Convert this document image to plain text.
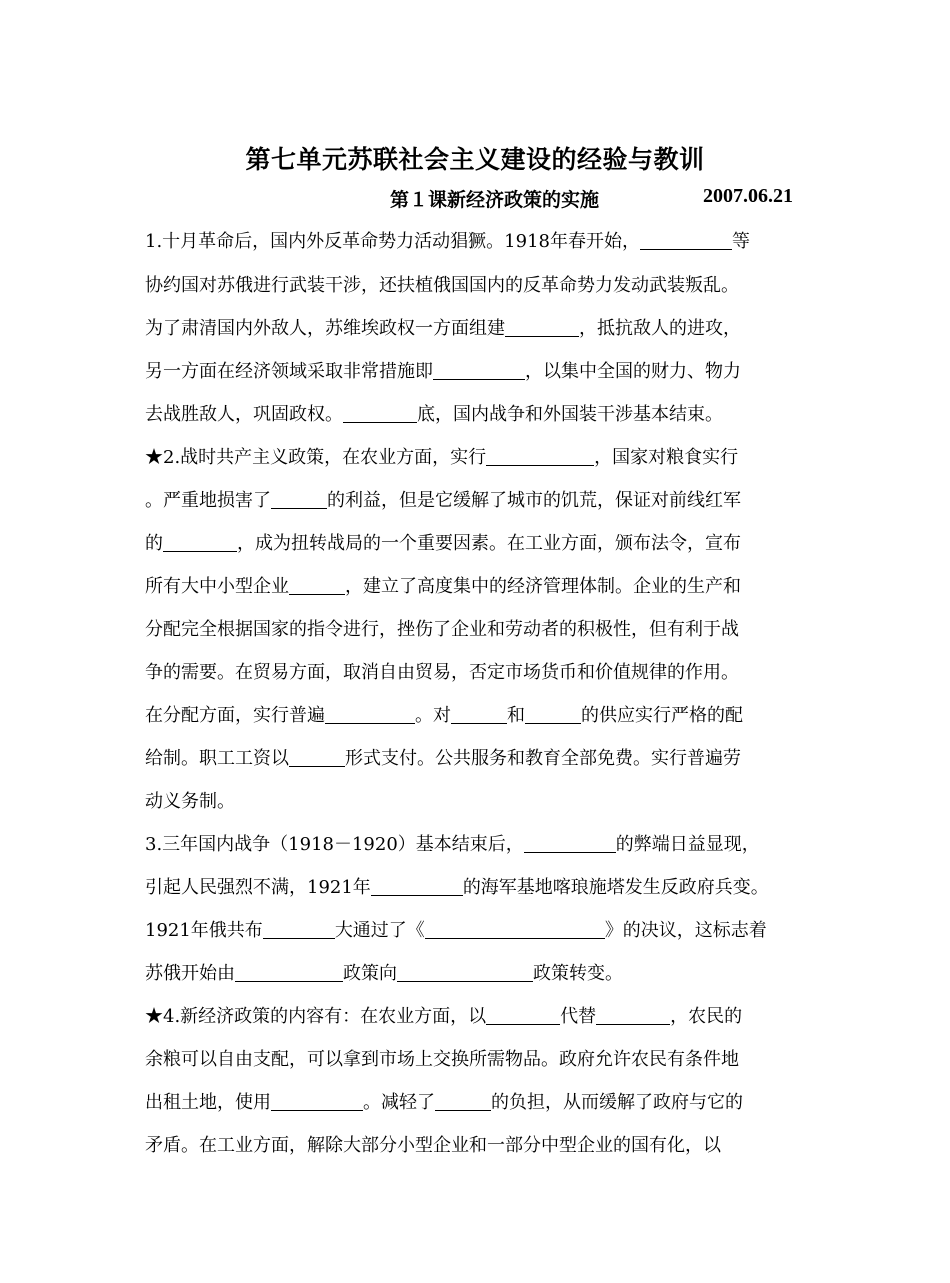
第七单元苏联社会主义建设的经验与教训
第１课新经济政策的实施	2007.06.21
1.十月革命后，国内外反革命势力活动猖獗。1918年春开始，	等
协约国对苏俄进行武装干涉，还扶植俄国国内的反革命势力发动武装叛乱。
为了肃清国内外敌人，苏维埃政权一方面组建	，抵抗敌人的进攻，
另一方面在经济领域采取非常措施即	，以集中全国的财力、物力
去战胜敌人，巩固政权。	底，国内战争和外国装干涉基本结束。
★2.战时共产主义政策，在农业方面，实行	，国家对粮食实行
。严重地损害了	的利益，但是它缓解了城市的饥荒，保证对前线红军
的	，成为扭转战局的一个重要因素。在工业方面，颁布法令，宣布
所有大中小型企业	，建立了高度集中的经济管理体制。企业的生产和
分配完全根据国家的指令进行，挫伤了企业和劳动者的积极性，但有利于战
争的需要。在贸易方面，取消自由贸易，否定市场货币和价值规律的作用。
在分配方面，实行普遍	。对	和	的供应实行严格的配
给制。职工工资以	形式支付。公共服务和教育全部免费。实行普遍劳
动义务制。
3.三年国内战争（1918－1920）基本结束后，	的弊端日益显现，
引起人民强烈不满，1921年	的海军基地喀琅施塔发生反政府兵变。
1921年俄共布	大通过了《	》的决议，这标志着
苏俄开始由	政策向	政策转变。
★4.新经济政策的内容有：在农业方面，以	代替	，农民的
余粮可以自由支配，可以拿到市场上交换所需物品。政府允许农民有条件地
出租土地，使用	。减轻了	的负担，从而缓解了政府与它的
矛盾。在工业方面，解除大部分小型企业和一部分中型企业的国有化，以
